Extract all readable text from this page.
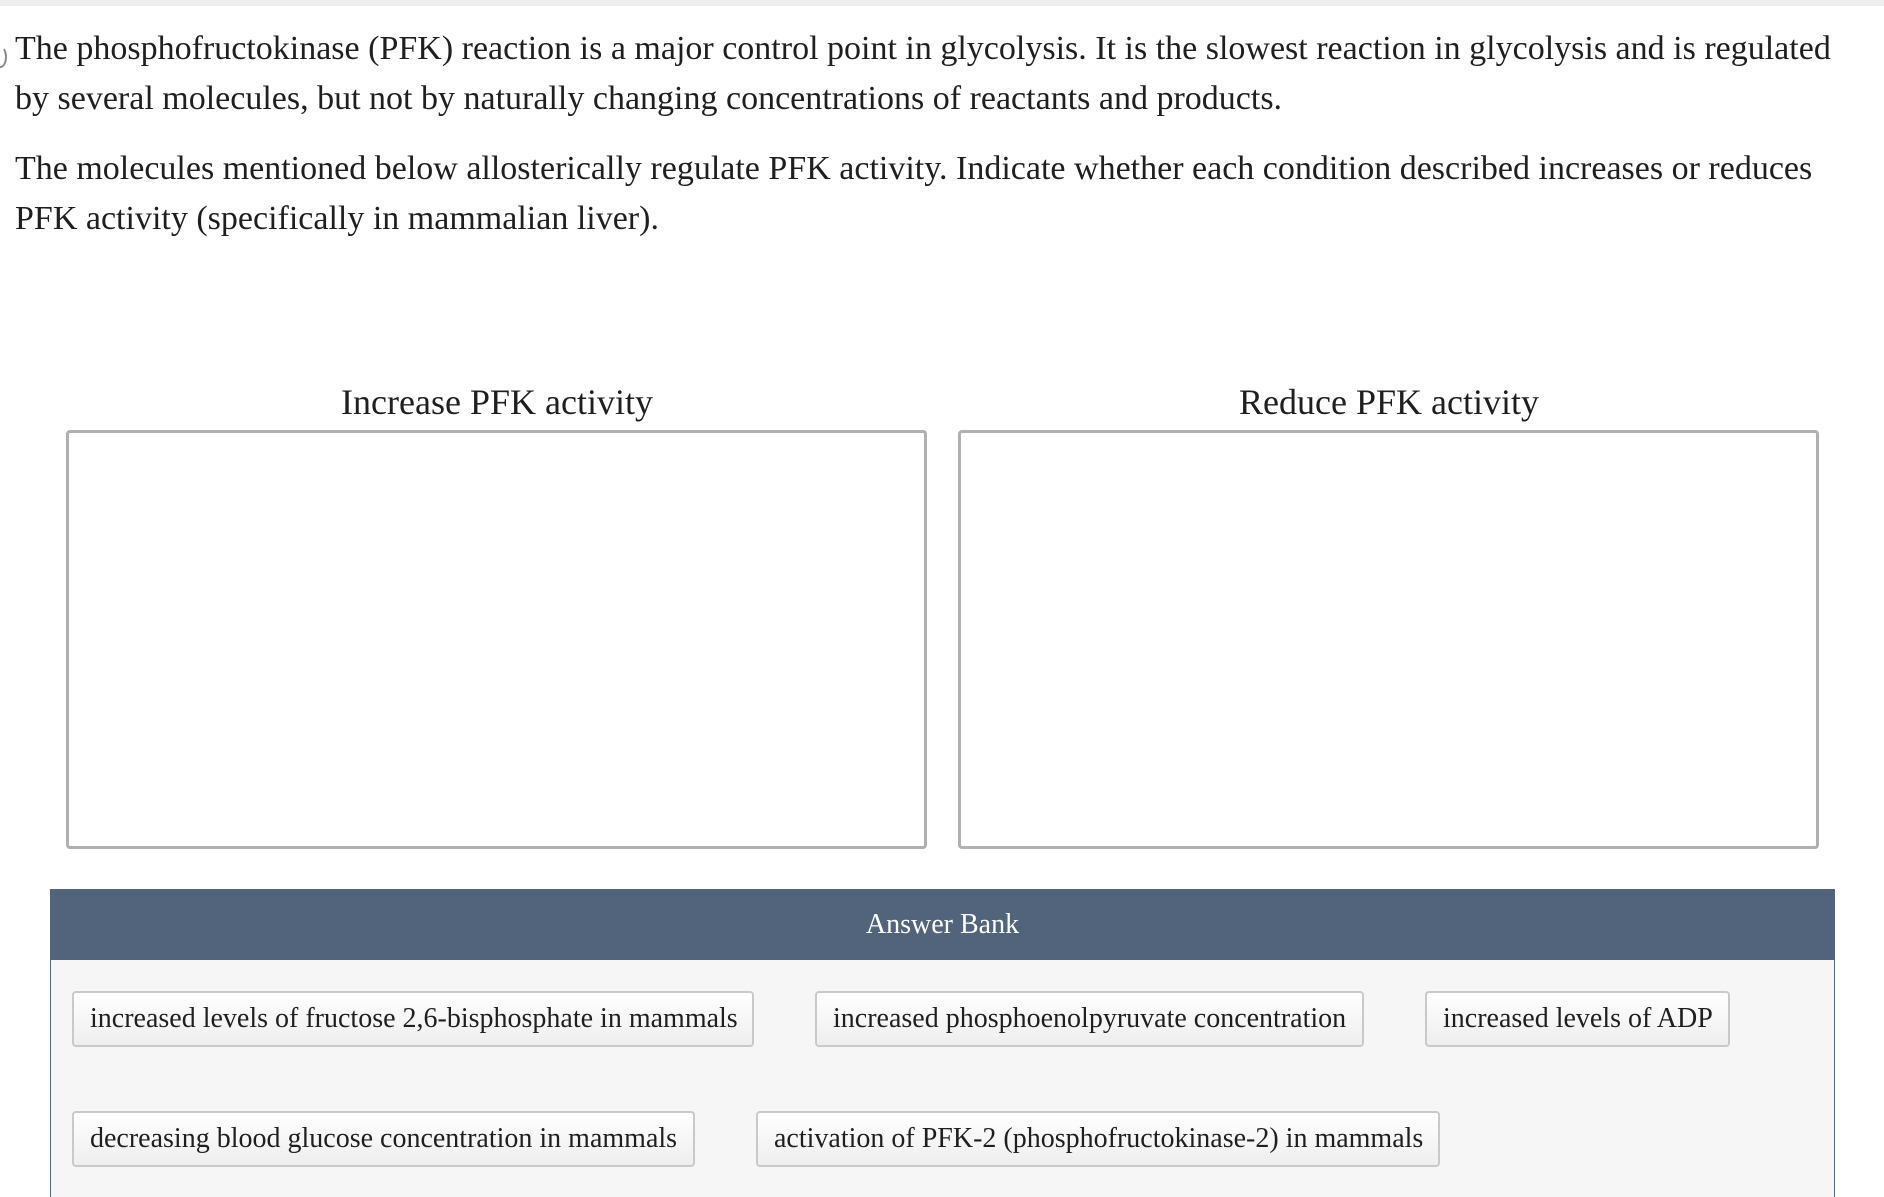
The phosphofructokinase (PFK) reaction is a major control point in glycolysis. It is the slowest reaction in glycolysis and is regulated by several molecules, but not by naturally changing concentrations of reactants and products.

The molecules mentioned below allosterically regulate PFK activity. Indicate whether each condition described increases or reduces PFK activity (specifically in mammalian liver).

Increase PFK activity	Reduce PFK activity
Answer Bank
increased levels of fructose 2,6-bisphosphate in mammals	increased phosphoenolpyruvate concentration	increased levels of ADP
decreasing blood glucose concentration in mammals	activation of PFK-2 (phosphofructokinase-2) in mammals
